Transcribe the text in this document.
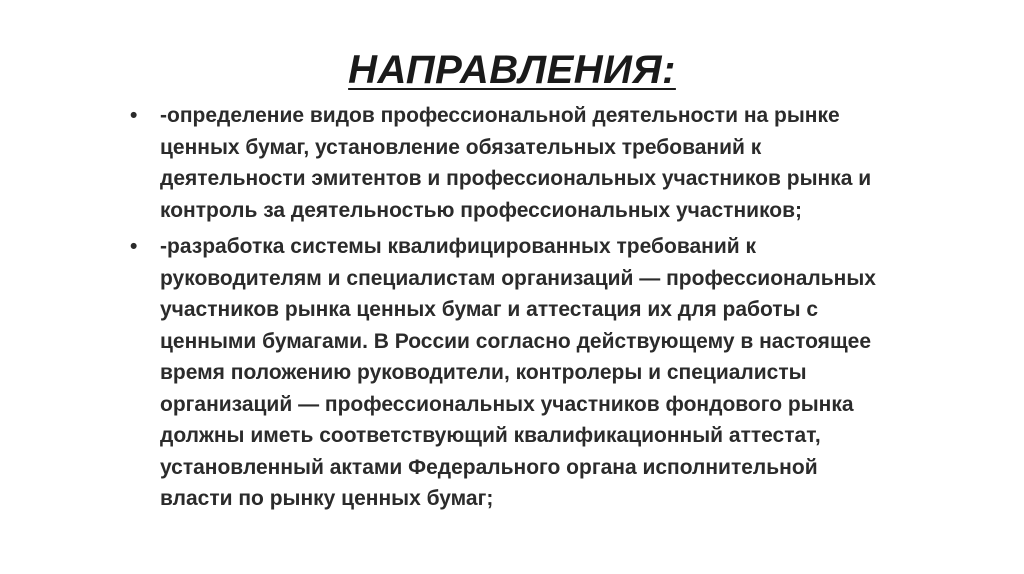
НАПРАВЛЕНИЯ:
• -определение видов профессиональной деятельности на рынке ценных бумаг, установление обязательных требований к деятельности эмитентов и профессиональных участников рынка и контроль за деятельностью профессиональных участников;
• -разработка системы квалифицированных требований к руководителям и специалистам организаций — профессиональных участников рынка ценных бумаг и аттестация их для работы с ценными бумагами. В России согласно действующему в настоящее время положению руководители, контролеры и специалисты организаций — профессиональных участников фондового рынка должны иметь соответствующий квалификационный аттестат, установленный актами Федерального органа исполнительной власти по рынку ценных бумаг;
